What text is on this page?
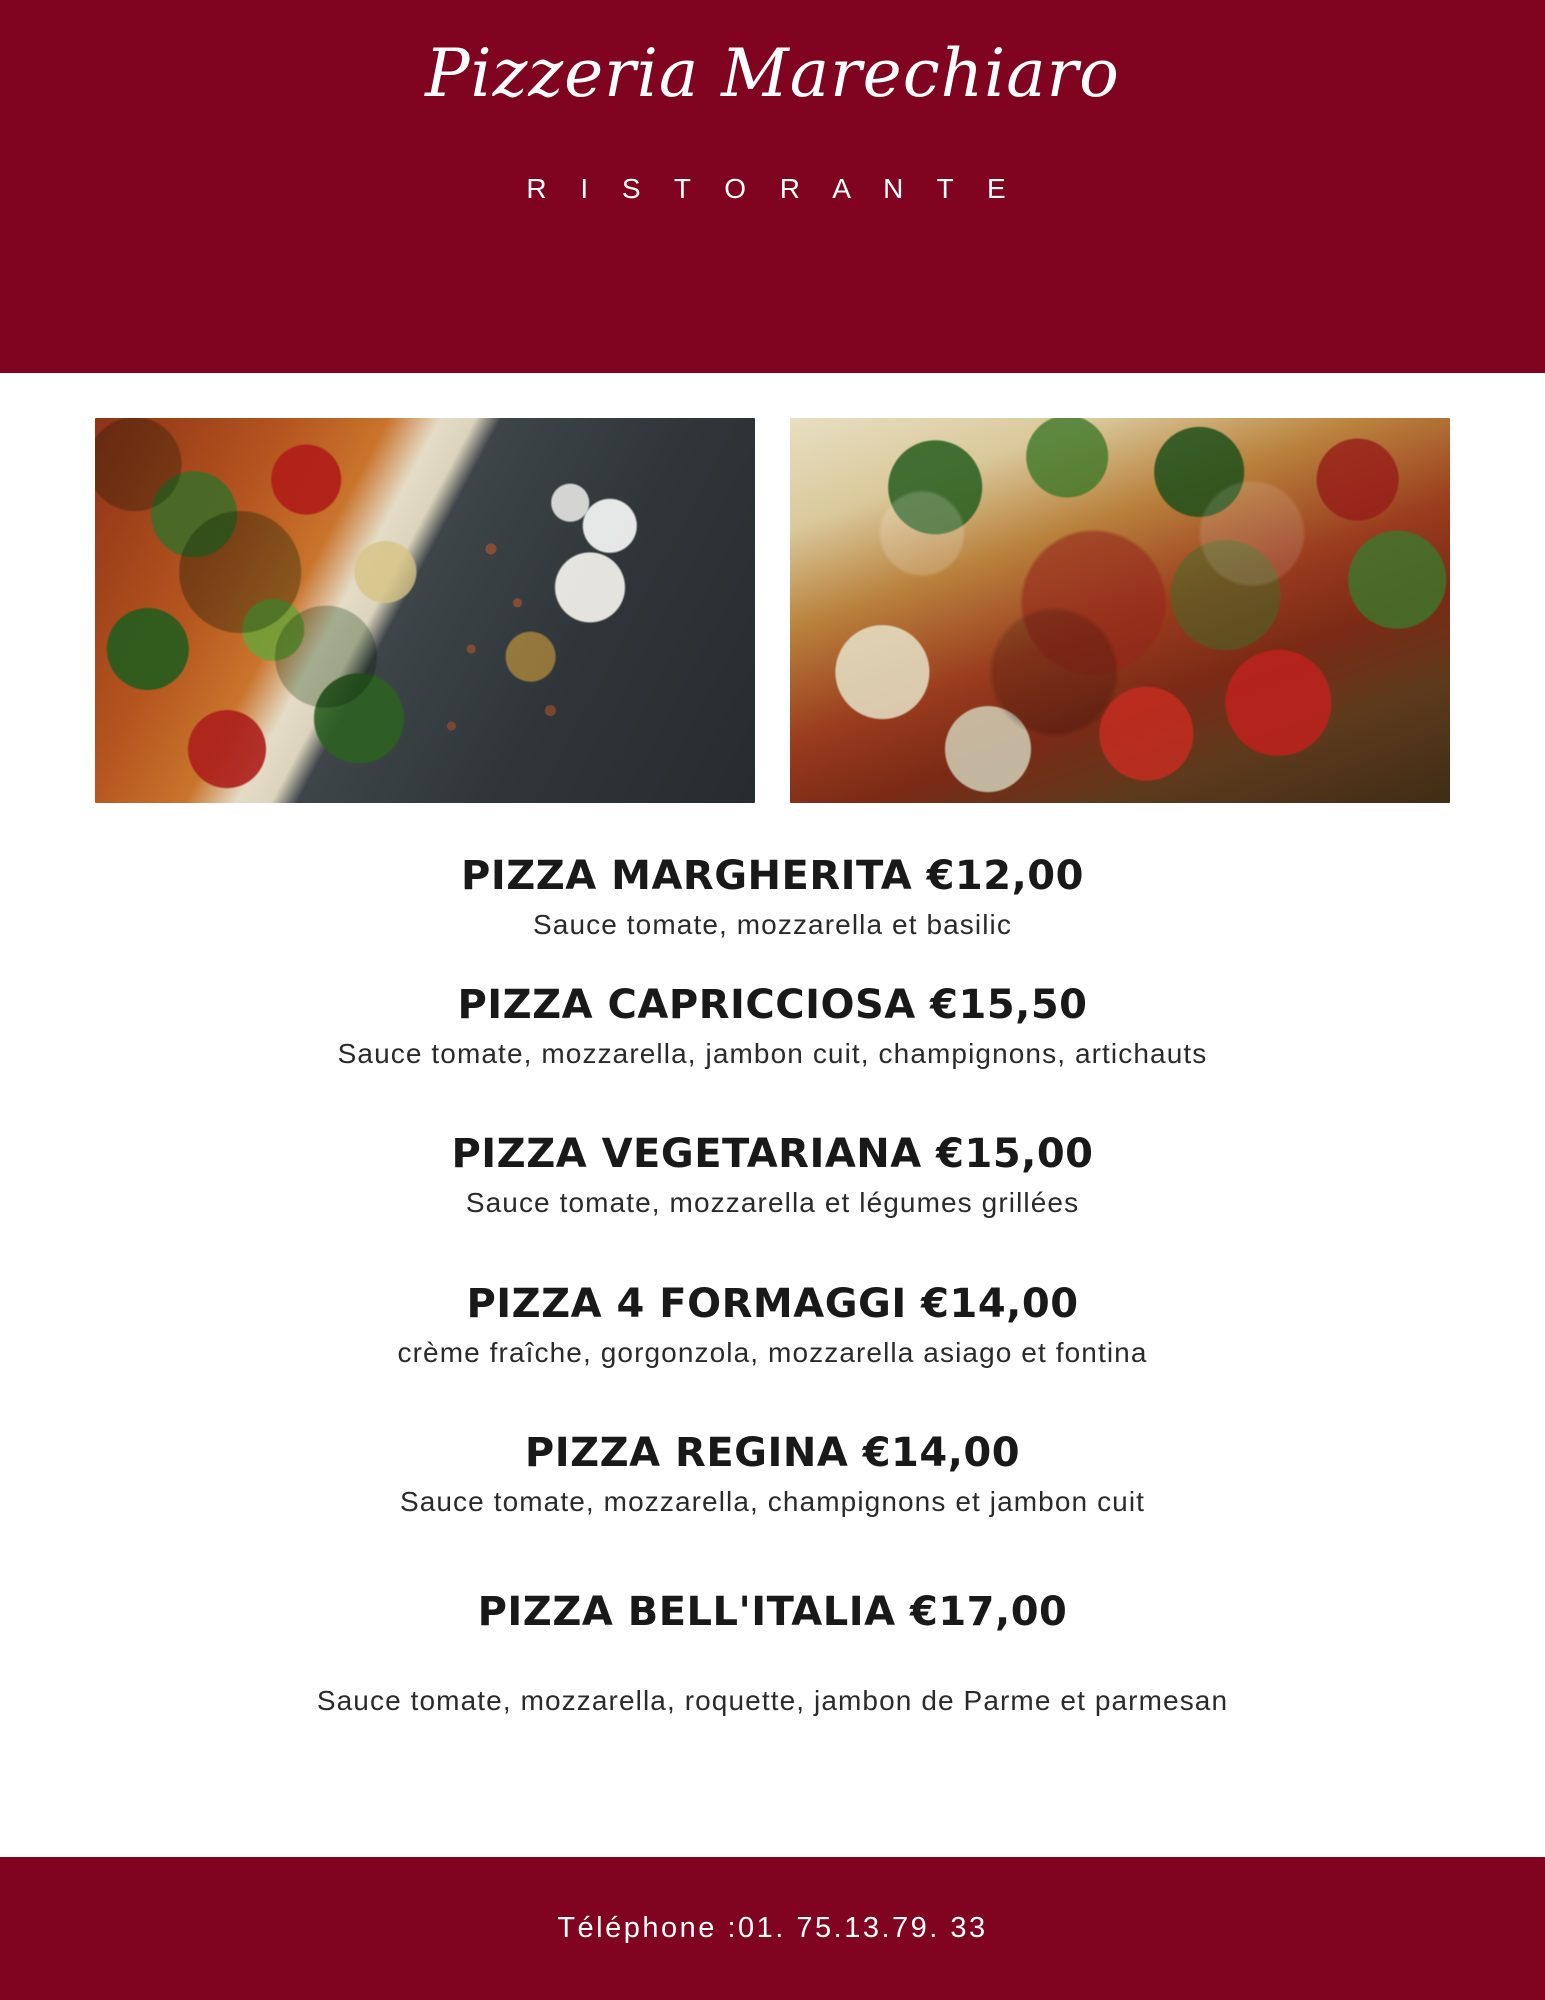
Pizzeria Marechiaro
R I S T O R A N T E

PIZZA MARGHERITA €12,00

Sauce tomate, mozzarella et basilic

PIZZA CAPRICCIOSA €15,50

Sauce tomate, mozzarella, jambon cuit, champignons, artichauts

PIZZA VEGETARIANA €15,00

Sauce tomate, mozzarella et légumes grillées

PIZZA 4 FORMAGGI €14,00

crème fraîche, gorgonzola, mozzarella asiago et fontina

PIZZA REGINA €14,00

Sauce tomate, mozzarella, champignons et jambon cuit

PIZZA BELL'ITALIA €17,00

Sauce tomate, mozzarella, roquette, jambon de Parme et parmesan

Téléphone :01. 75.13.79. 33
